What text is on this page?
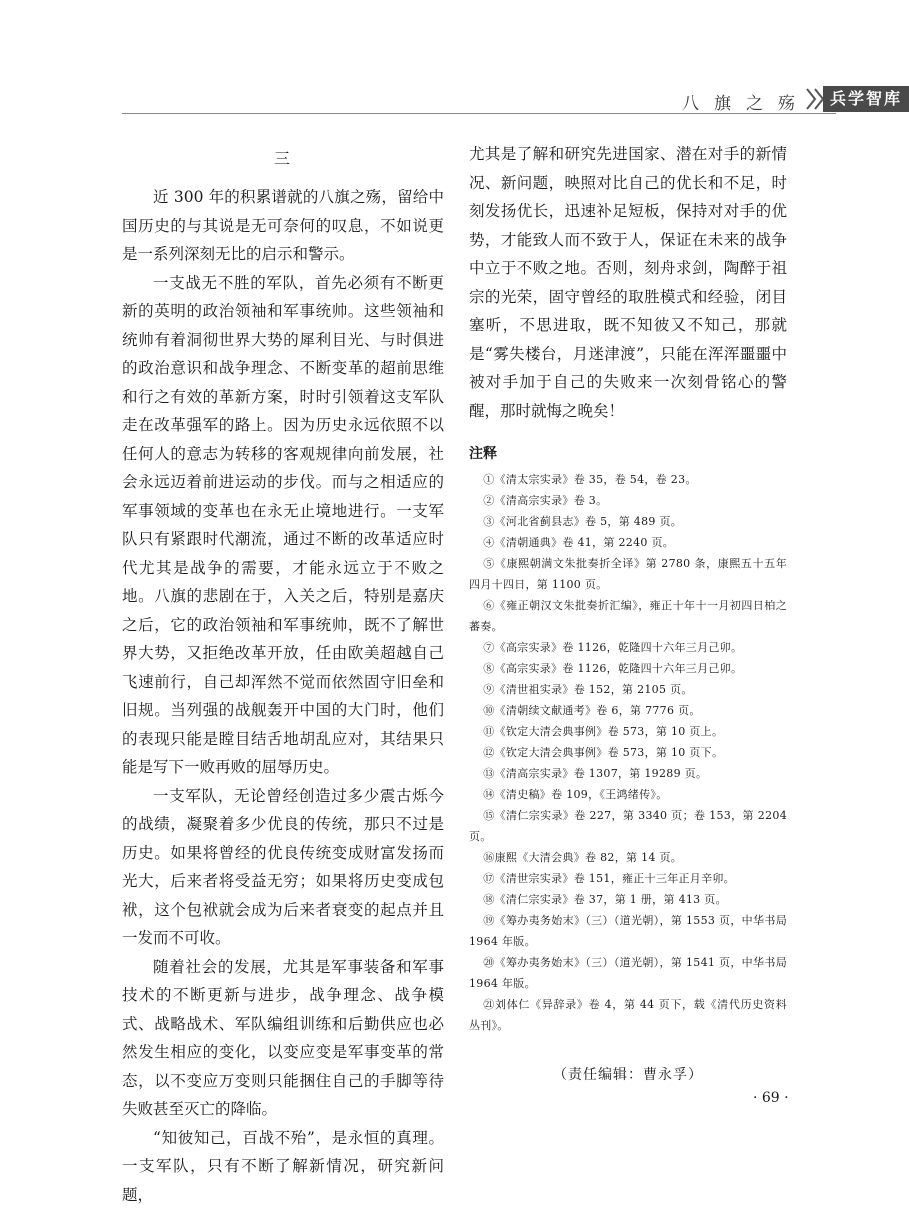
八旗之殇	兵学智库
三

近 300 年的积累谱就的八旗之殇，留给中国历史的与其说是无可奈何的叹息，不如说更是一系列深刻无比的启示和警示。

一支战无不胜的军队，首先必须有不断更新的英明的政治领袖和军事统帅。这些领袖和统帅有着洞彻世界大势的犀利目光、与时俱进的政治意识和战争理念、不断变革的超前思维和行之有效的革新方案，时时引领着这支军队走在改革强军的路上。因为历史永远依照不以任何人的意志为转移的客观规律向前发展，社会永远迈着前进运动的步伐。而与之相适应的军事领域的变革也在永无止境地进行。一支军队只有紧跟时代潮流，通过不断的改革适应时代尤其是战争的需要，才能永远立于不败之地。八旗的悲剧在于，入关之后，特别是嘉庆之后，它的政治领袖和军事统帅，既不了解世界大势，又拒绝改革开放，任由欧美超越自己飞速前行，自己却浑然不觉而依然固守旧垒和旧规。当列强的战舰轰开中国的大门时，他们的表现只能是瞠目结舌地胡乱应对，其结果只能是写下一败再败的屈辱历史。

一支军队，无论曾经创造过多少震古烁今的战绩，凝聚着多少优良的传统，那只不过是历史。如果将曾经的优良传统变成财富发扬而光大，后来者将受益无穷；如果将历史变成包袱，这个包袱就会成为后来者衰变的起点并且一发而不可收。

随着社会的发展，尤其是军事装备和军事技术的不断更新与进步，战争理念、战争模式、战略战术、军队编组训练和后勤供应也必然发生相应的变化，以变应变是军事变革的常态，以不变应万变则只能捆住自己的手脚等待失败甚至灭亡的降临。

“知彼知己，百战不殆”，是永恒的真理。一支军队，只有不断了解新情况，研究新问题，

尤其是了解和研究先进国家、潜在对手的新情况、新问题，映照对比自己的优长和不足，时刻发扬优长，迅速补足短板，保持对对手的优势，才能致人而不致于人，保证在未来的战争中立于不败之地。否则，刻舟求剑，陶醉于祖宗的光荣，固守曾经的取胜模式和经验，闭目塞听，不思进取，既不知彼又不知己，那就是“雾失楼台，月迷津渡”，只能在浑浑噩噩中被对手加于自己的失败来一次刻骨铭心的警醒，那时就悔之晚矣！

注释
①《清太宗实录》卷 35，卷 54，卷 23。
②《清高宗实录》卷 3。
③《河北省蓟县志》卷 5，第 489 页。
④《清朝通典》卷 41，第 2240 页。
⑤《康熙朝满文朱批奏折全译》第 2780 条，康熙五十五年四月十四日，第 1100 页。
⑥《雍正朝汉文朱批奏折汇编》，雍正十年十一月初四日柏之蕃奏。
⑦《高宗实录》卷 1126，乾隆四十六年三月己卯。
⑧《高宗实录》卷 1126，乾隆四十六年三月己卯。
⑨《清世祖实录》卷 152，第 2105 页。
⑩《清朝续文献通考》卷 6，第 7776 页。
⑪《钦定大清会典事例》卷 573，第 10 页上。
⑫《钦定大清会典事例》卷 573，第 10 页下。
⑬《清高宗实录》卷 1307，第 19289 页。
⑭《清史稿》卷 109，《王鸿绪传》。
⑮《清仁宗实录》卷 227，第 3340 页；卷 153，第 2204 页。
⑯康熙《大清会典》卷 82，第 14 页。
⑰《清世宗实录》卷 151，雍正十三年正月辛卯。
⑱《清仁宗实录》卷 37，第 1 册，第 413 页。
⑲《筹办夷务始末》（三）（道光朝），第 1553 页，中华书局 1964 年版。
⑳《筹办夷务始末》（三）（道光朝），第 1541 页，中华书局 1964 年版。
㉑刘体仁《异辞录》卷 4，第 44 页下，载《清代历史资料丛刊》。
（责任编辑：曹永孚）
· 69 ·
